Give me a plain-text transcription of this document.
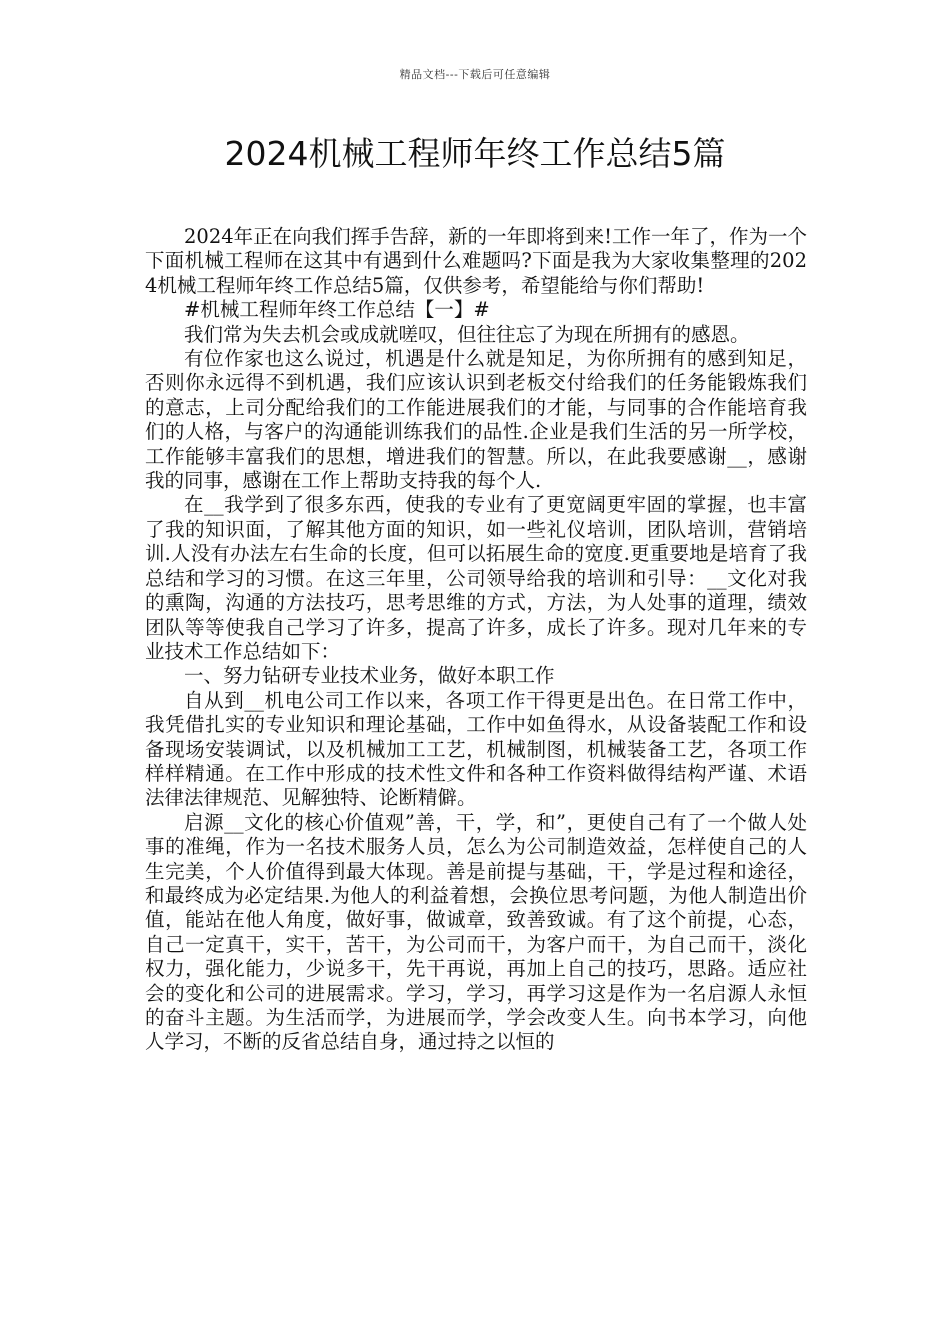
精品文档---下载后可任意编辑
2024机械工程师年终工作总结5篇

2024年正在向我们挥手告辞，新的一年即将到来!工作一年了，作为一个下面机械工程师在这其中有遇到什么难题吗?下面是我为大家收集整理的2024机械工程师年终工作总结5篇，仅供参考，希望能给与你们帮助!

#机械工程师年终工作总结【一】#

我们常为失去机会或成就嗟叹，但往往忘了为现在所拥有的感恩。

有位作家也这么说过，机遇是什么就是知足，为你所拥有的感到知足，否则你永远得不到机遇，我们应该认识到老板交付给我们的任务能锻炼我们的意志，上司分配给我们的工作能进展我们的才能，与同事的合作能培育我们的人格，与客户的沟通能训练我们的品性.企业是我们生活的另一所学校，工作能够丰富我们的思想，增进我们的智慧。所以，在此我要感谢__，感谢我的同事，感谢在工作上帮助支持我的每个人.

在__我学到了很多东西，使我的专业有了更宽阔更牢固的掌握，也丰富了我的知识面，了解其他方面的知识，如一些礼仪培训，团队培训，营销培训.人没有办法左右生命的长度，但可以拓展生命的宽度.更重要地是培育了我总结和学习的习惯。在这三年里，公司领导给我的培训和引导：__文化对我的熏陶，沟通的方法技巧，思考思维的方式，方法，为人处事的道理，绩效团队等等使我自己学习了许多，提高了许多，成长了许多。现对几年来的专业技术工作总结如下：

一、努力钻研专业技术业务，做好本职工作

自从到__机电公司工作以来，各项工作干得更是出色。在日常工作中，我凭借扎实的专业知识和理论基础，工作中如鱼得水，从设备装配工作和设备现场安装调试，以及机械加工工艺，机械制图，机械装备工艺，各项工作样样精通。在工作中形成的技术性文件和各种工作资料做得结构严谨、术语法律法律规范、见解独特、论断精僻。

启源__文化的核心价值观”善，干，学，和”，更使自己有了一个做人处事的准绳，作为一名技术服务人员，怎么为公司制造效益，怎样使自己的人生完美，个人价值得到最大体现。善是前提与基础，干，学是过程和途径，和最终成为必定结果.为他人的利益着想，会换位思考问题，为他人制造出价值，能站在他人角度，做好事，做诚章，致善致诚。有了这个前提，心态，自己一定真干，实干，苦干，为公司而干，为客户而干，为自己而干，淡化权力，强化能力，少说多干，先干再说，再加上自己的技巧，思路。适应社会的变化和公司的进展需求。学习，学习，再学习这是作为一名启源人永恒的奋斗主题。为生活而学，为进展而学，学会改变人生。向书本学习，向他人学习，不断的反省总结自身，通过持之以恒的
